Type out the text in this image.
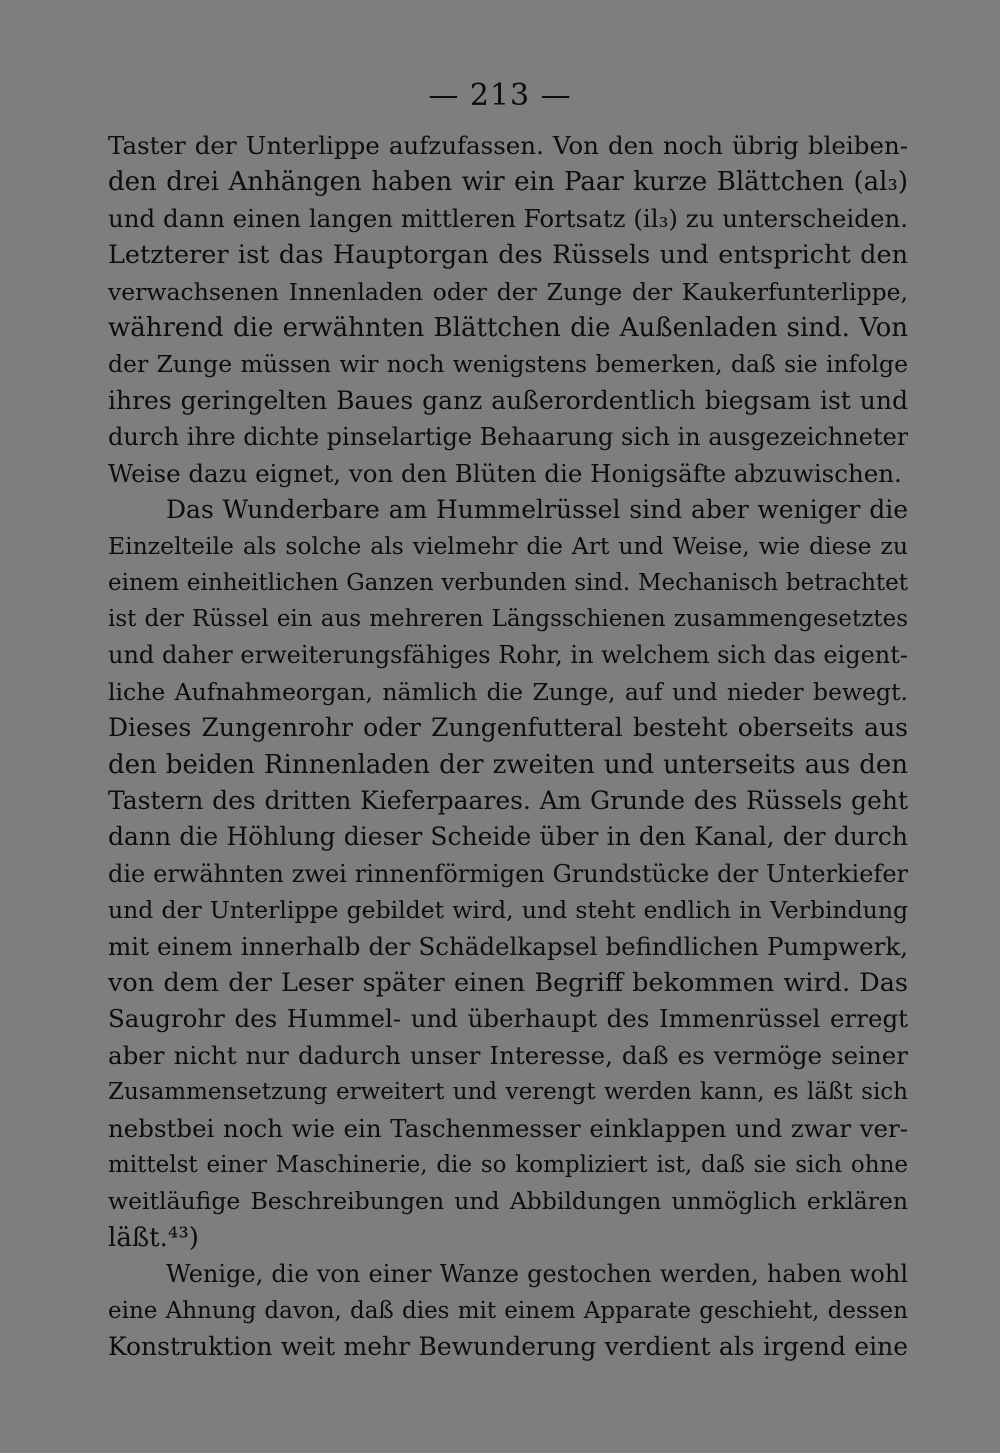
— 213 —
Taster der Unterlippe aufzufassen. Von den noch übrig bleiben-
den drei Anhängen haben wir ein Paar kurze Blättchen (al₃)
und dann einen langen mittleren Fortsatz (il₃) zu unterscheiden.
Letzterer ist das Hauptorgan des Rüssels und entspricht den
verwachsenen Innenladen oder der Zunge der Kaukerfunterlippe,
während die erwähnten Blättchen die Außenladen sind. Von
der Zunge müssen wir noch wenigstens bemerken, daß sie infolge
ihres geringelten Baues ganz außerordentlich biegsam ist und
durch ihre dichte pinselartige Behaarung sich in ausgezeichneter
Weise dazu eignet, von den Blüten die Honigsäfte abzuwischen.
Das Wunderbare am Hummelrüssel sind aber weniger die
Einzelteile als solche als vielmehr die Art und Weise, wie diese zu
einem einheitlichen Ganzen verbunden sind. Mechanisch betrachtet
ist der Rüssel ein aus mehreren Längsschienen zusammengesetztes
und daher erweiterungsfähiges Rohr, in welchem sich das eigent-
liche Aufnahmeorgan, nämlich die Zunge, auf und nieder bewegt.
Dieses Zungenrohr oder Zungenfutteral besteht oberseits aus
den beiden Rinnenladen der zweiten und unterseits aus den
Tastern des dritten Kieferpaares. Am Grunde des Rüssels geht
dann die Höhlung dieser Scheide über in den Kanal, der durch
die erwähnten zwei rinnenförmigen Grundstücke der Unterkiefer
und der Unterlippe gebildet wird, und steht endlich in Verbindung
mit einem innerhalb der Schädelkapsel befindlichen Pumpwerk,
von dem der Leser später einen Begriff bekommen wird. Das
Saugrohr des Hummel- und überhaupt des Immenrüssel erregt
aber nicht nur dadurch unser Interesse, daß es vermöge seiner
Zusammensetzung erweitert und verengt werden kann, es läßt sich
nebstbei noch wie ein Taschenmesser einklappen und zwar ver-
mittelst einer Maschinerie, die so kompliziert ist, daß sie sich ohne
weitläufige Beschreibungen und Abbildungen unmöglich erklären
läßt.⁴³)
Wenige, die von einer Wanze gestochen werden, haben wohl
eine Ahnung davon, daß dies mit einem Apparate geschieht, dessen
Konstruktion weit mehr Bewunderung verdient als irgend eine
